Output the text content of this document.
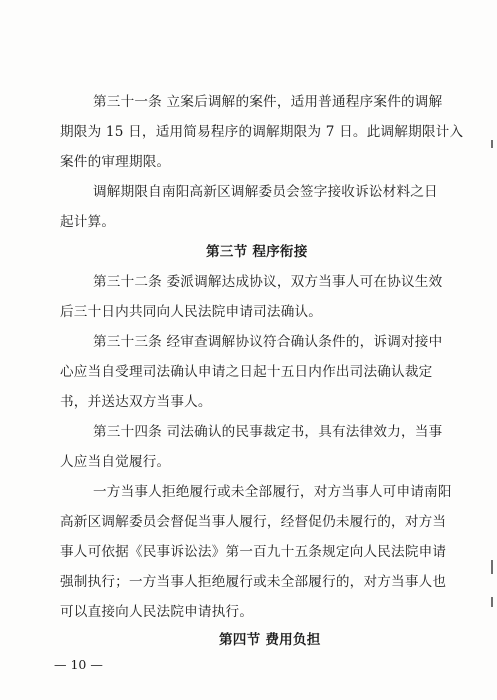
第三十一条 立案后调解的案件，适用普通程序案件的调解
期限为 15 日，适用简易程序的调解期限为 7 日。此调解期限计入
案件的审理期限。
调解期限自南阳高新区调解委员会签字接收诉讼材料之日
起计算。
第三节 程序衔接
第三十二条 委派调解达成协议，双方当事人可在协议生效
后三十日内共同向人民法院申请司法确认。
第三十三条 经审查调解协议符合确认条件的，诉调对接中
心应当自受理司法确认申请之日起十五日内作出司法确认裁定
书，并送达双方当事人。
第三十四条 司法确认的民事裁定书，具有法律效力，当事
人应当自觉履行。
一方当事人拒绝履行或未全部履行，对方当事人可申请南阳
高新区调解委员会督促当事人履行，经督促仍未履行的，对方当
事人可依据《民事诉讼法》第一百九十五条规定向人民法院申请
强制执行；一方当事人拒绝履行或未全部履行的，对方当事人也
可以直接向人民法院申请执行。
第四节 费用负担
— 10 —
